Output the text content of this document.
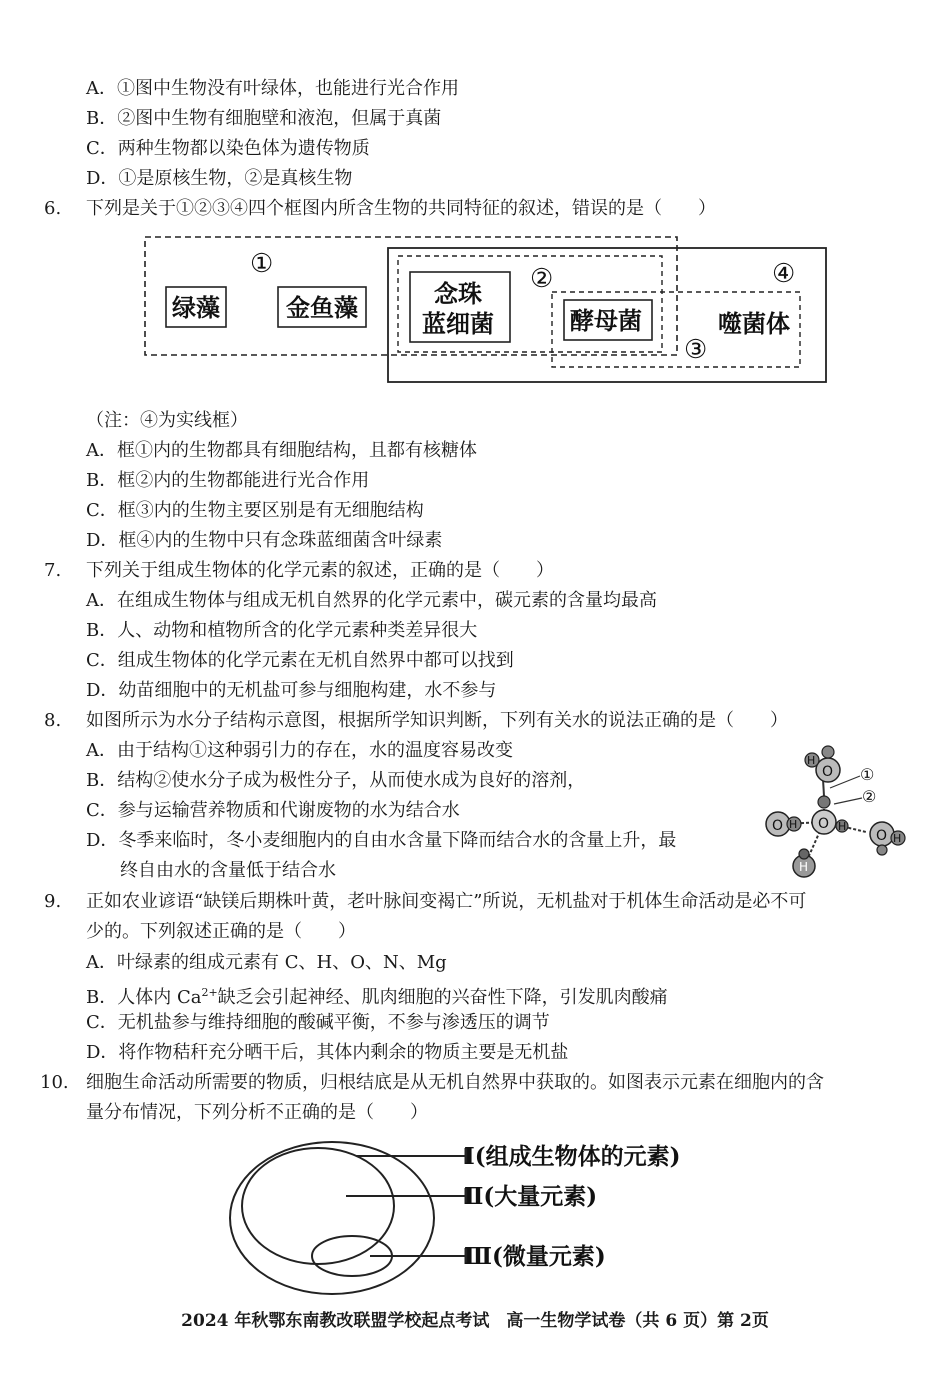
A．①图中生物没有叶绿体，也能进行光合作用
B．②图中生物有细胞壁和液泡，但属于真菌
C．两种生物都以染色体为遗传物质
D．①是原核生物，②是真核生物
6. 下列是关于①②③④四个框图内所含生物的共同特征的叙述，错误的是（　　）
①	②
③
④
绿藻	金鱼藻	念珠
蓝细菌	酵母菌	噬菌体
（注：④为实线框）
A．框①内的生物都具有细胞结构，且都有核糖体
B．框②内的生物都能进行光合作用
C．框③内的生物主要区别是有无细胞结构
D．框④内的生物中只有念珠蓝细菌含叶绿素
7. 下列关于组成生物体的化学元素的叙述，正确的是（　　）
A．在组成生物体与组成无机自然界的化学元素中，碳元素的含量均最高
B．人、动物和植物所含的化学元素种类差异很大
C．组成生物体的化学元素在无机自然界中都可以找到
D．幼苗细胞中的无机盐可参与细胞构建，水不参与
8. 如图所示为水分子结构示意图，根据所学知识判断，下列有关水的说法正确的是（　　）
A．由于结构①这种弱引力的存在，水的温度容易改变
B．结构②使水分子成为极性分子，从而使水成为良好的溶剂，
C．参与运输营养物质和代谢废物的水为结合水
D．冬季来临时，冬小麦细胞内的自由水含量下降而结合水的含量上升，最
终自由水的含量低于结合水
O
O
O
O
H
H	H
H
H
①
②
9. 正如农业谚语“缺镁后期株叶黄，老叶脉间变褐亡”所说，无机盐对于机体生命活动是必不可
少的。下列叙述正确的是（　　）
A．叶绿素的组成元素有 C、H、O、N、Mg
B．人体内 $Ca^{2+}$缺乏会引起神经、肌肉细胞的兴奋性下降，引发肌肉酸痛
C．无机盐参与维持细胞的酸碱平衡，不参与渗透压的调节
D．将作物秸秆充分晒干后，其体内剩余的物质主要是无机盐
10. 细胞生命活动所需要的物质，归根结底是从无机自然界中获取的。如图表示元素在细胞内的含
量分布情况，下列分析不正确的是（　　）
Ⅰ(组成生物体的元素)
Ⅱ(大量元素)
Ⅲ(微量元素)
2024 年秋鄂东南教改联盟学校起点考试　高一生物学试卷（共 6 页）第 2页
